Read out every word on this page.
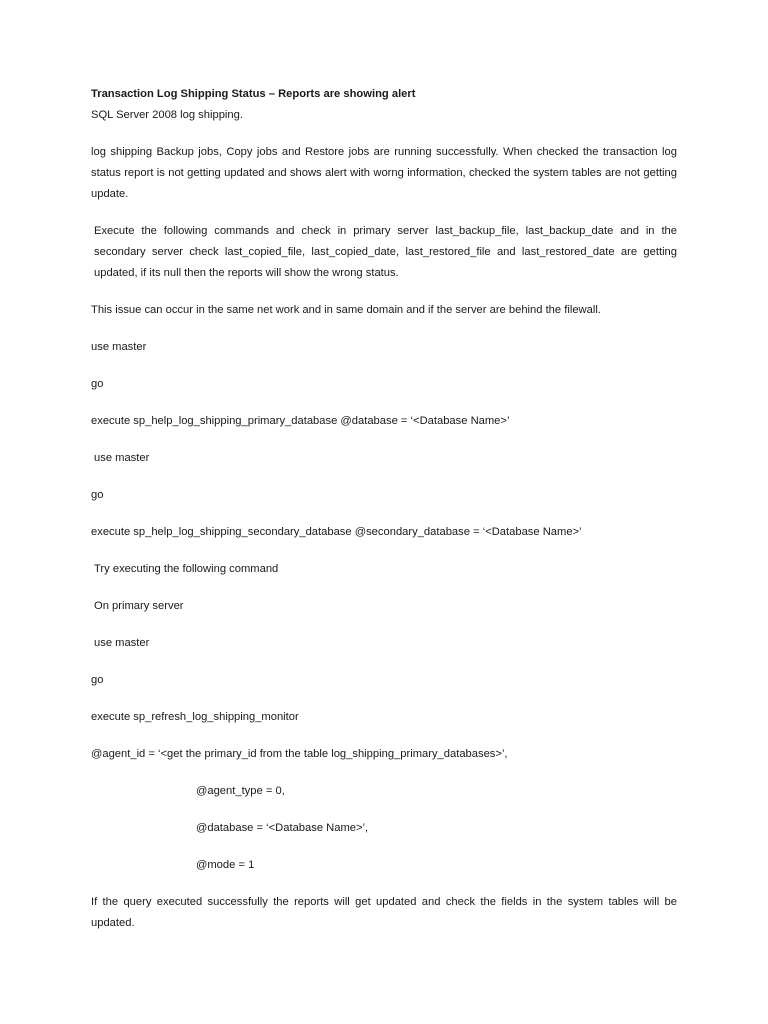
Transaction Log Shipping Status – Reports are showing alert

SQL Server 2008 log shipping.

log shipping Backup jobs, Copy jobs and Restore jobs are running successfully. When checked the transaction log status report is not getting updated and shows alert with worng information, checked the system tables are not getting update.

Execute the following commands and check in primary server last_backup_file, last_backup_date and in the secondary server check last_copied_file, last_copied_date, last_restored_file and last_restored_date are getting updated, if its null then the reports will show the wrong status.

This issue can occur in the same net work and in same domain and if the server are behind the filewall.

use master

go

execute sp_help_log_shipping_primary_database @database = ‘<Database Name>’

use master

go

execute sp_help_log_shipping_secondary_database @secondary_database = ‘<Database Name>’

Try executing the following command

On primary server

use master

go

execute sp_refresh_log_shipping_monitor

@agent_id = ‘<get the primary_id from the table log_shipping_primary_databases>’,

@agent_type = 0,

@database = ‘<Database Name>’,

@mode = 1

If the query executed successfully the reports will get updated and check the fields in the system tables will be updated.
